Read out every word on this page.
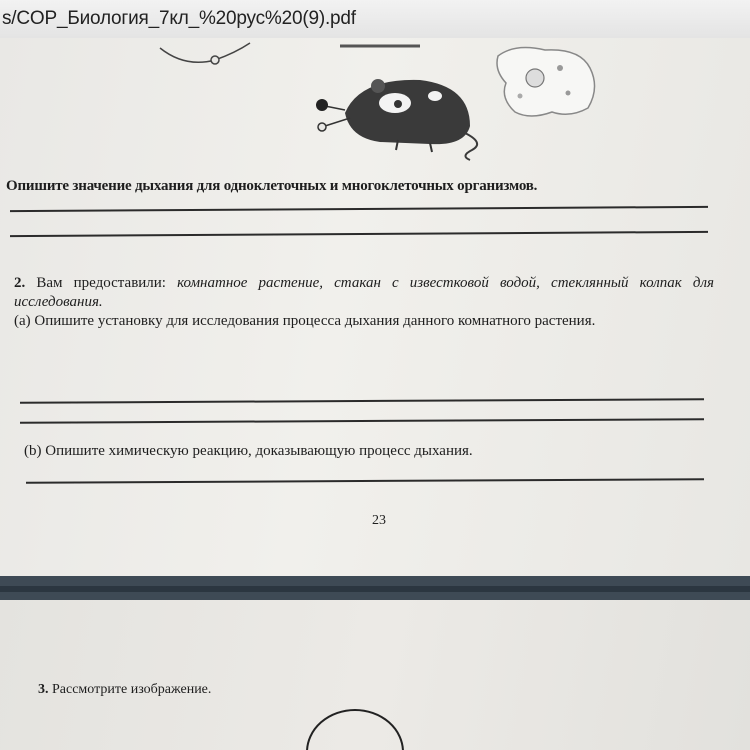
s/COP_Биология_7кл_%20рус%20(9).pdf
Опишите значение дыхания для одноклеточных и многоклеточных организмов.
2. Вам предоставили: комнатное растение, стакан с известковой водой, стеклянный колпак для исследования.
(a) Опишите установку для исследования процесса дыхания данного комнатного растения.
(b) Опишите химическую реакцию, доказывающую процесс дыхания.
23
3. Рассмотрите изображение.
